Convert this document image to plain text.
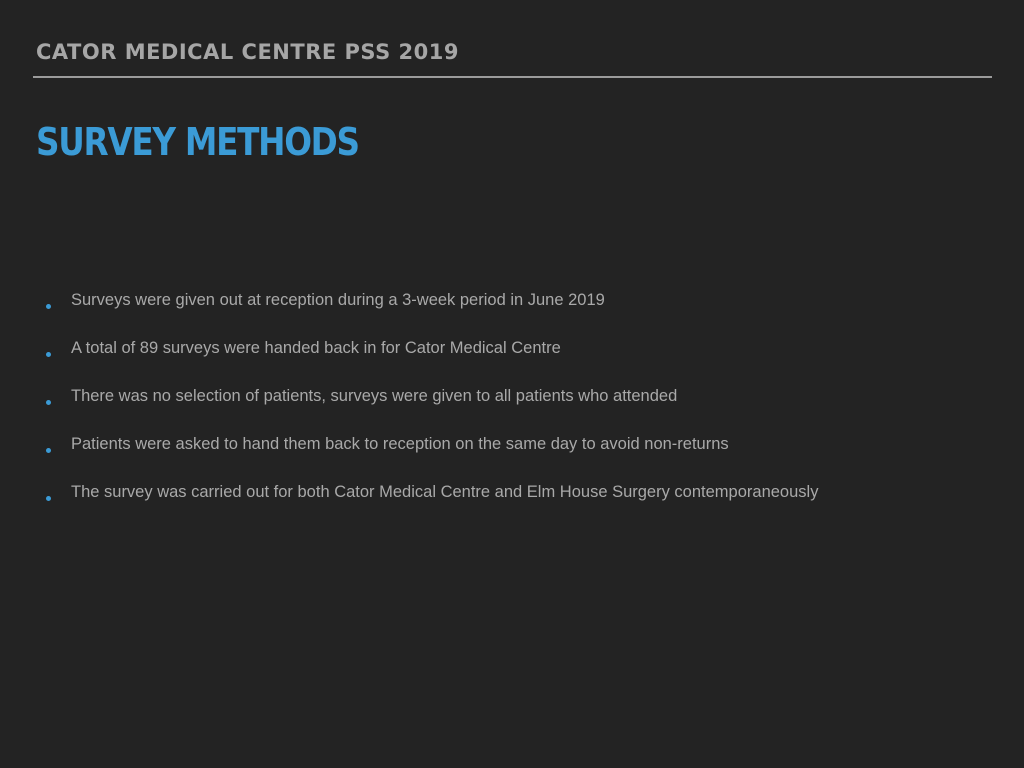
CATOR MEDICAL CENTRE PSS 2019
SURVEY METHODS
Surveys were given out at reception during a 3-week period in June 2019
A total of 89 surveys were handed back in for Cator Medical Centre
There was no selection of patients, surveys were given to all patients who attended
Patients were asked to hand them back to reception on the same day to avoid non-returns
The survey was carried out for both Cator Medical Centre and Elm House Surgery contemporaneously
